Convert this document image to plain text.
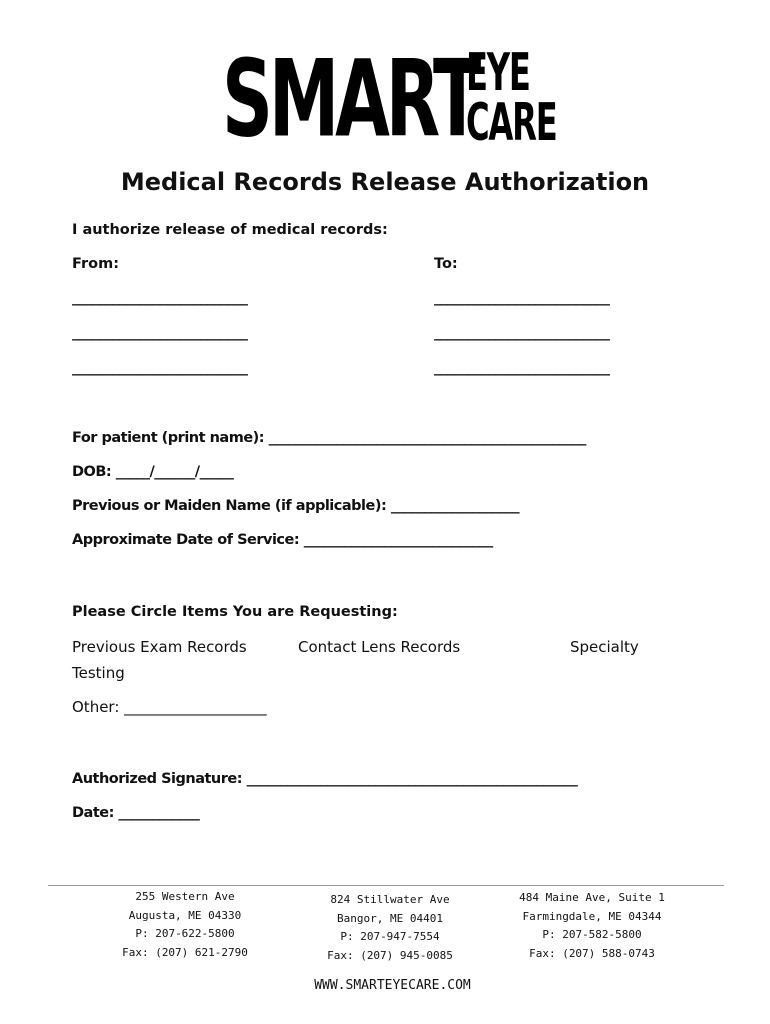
SMART
EYE
CARE
Medical Records Release Authorization
I authorize release of medical records:
From:	To:
__________________________
__________________________
__________________________
__________________________
__________________________
__________________________
For patient (print name): _______________________________________________
DOB: _____/______/_____
Previous or Maiden Name (if applicable): ___________________
Approximate Date of Service: ____________________________
Please Circle Items You are Requesting:
Previous Exam Records	Contact Lens Records	Specialty
Testing
Other: ___________________
Authorized Signature: _________________________________________________
Date: ____________
255 Western Ave
Augusta, ME 04330
P: 207-622-5800
Fax: (207) 621-2790
824 Stillwater Ave
Bangor, ME 04401
P: 207-947-7554
Fax: (207) 945-0085
484 Maine Ave, Suite 1
Farmingdale, ME 04344
P: 207-582-5800
Fax: (207) 588-0743
WWW.SMARTEYECARE.COM
